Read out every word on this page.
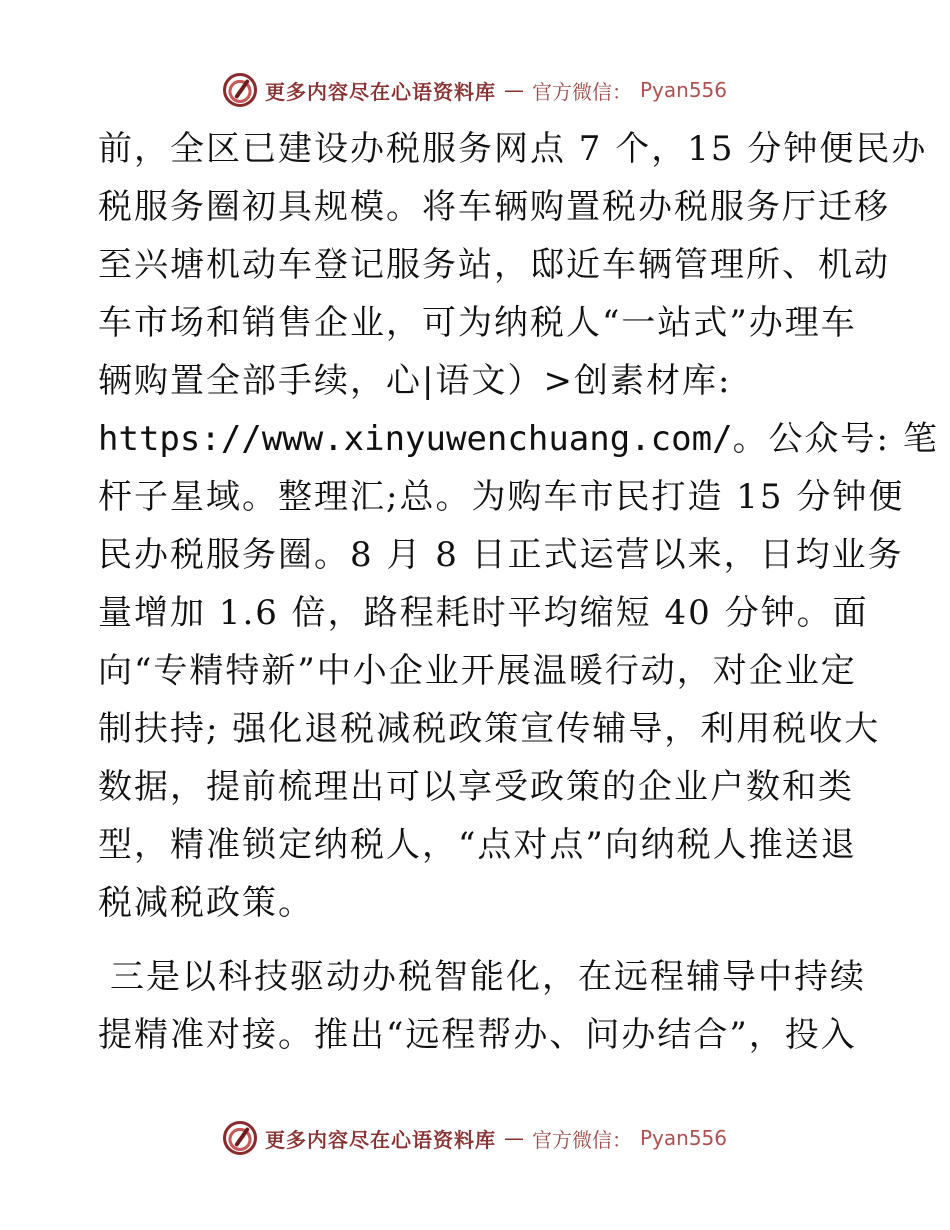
更多内容尽在心语资料库 — 官方微信： Pyan556
前，全区已建设办税服务网点 7 个，15 分钟便民办
税服务圈初具规模。将车辆购置税办税服务厅迁移
至兴塘机动车登记服务站，邸近车辆管理所、机动
车市场和销售企业，可为纳税人“一站式”办理车
辆购置全部手续，心|语文）>创素材库:
https://www.xinyuwenchuang.com/。公众号: 笔
杆子星域。整理汇;总。为购车市民打造 15 分钟便
民办税服务圈。8 月 8 日正式运营以来，日均业务
量增加 1.6 倍，路程耗时平均缩短 40 分钟。面
向“专精特新”中小企业开展温暖行动，对企业定
制扶持; 强化退税减税政策宣传辅导，利用税收大
数据，提前梳理出可以享受政策的企业户数和类
型，精准锁定纳税人，“点对点”向纳税人推送退
税减税政策。
三是以科技驱动办税智能化，在远程辅导中持续
提精准对接。推出“远程帮办、问办结合”，投入
更多内容尽在心语资料库 — 官方微信： Pyan556
